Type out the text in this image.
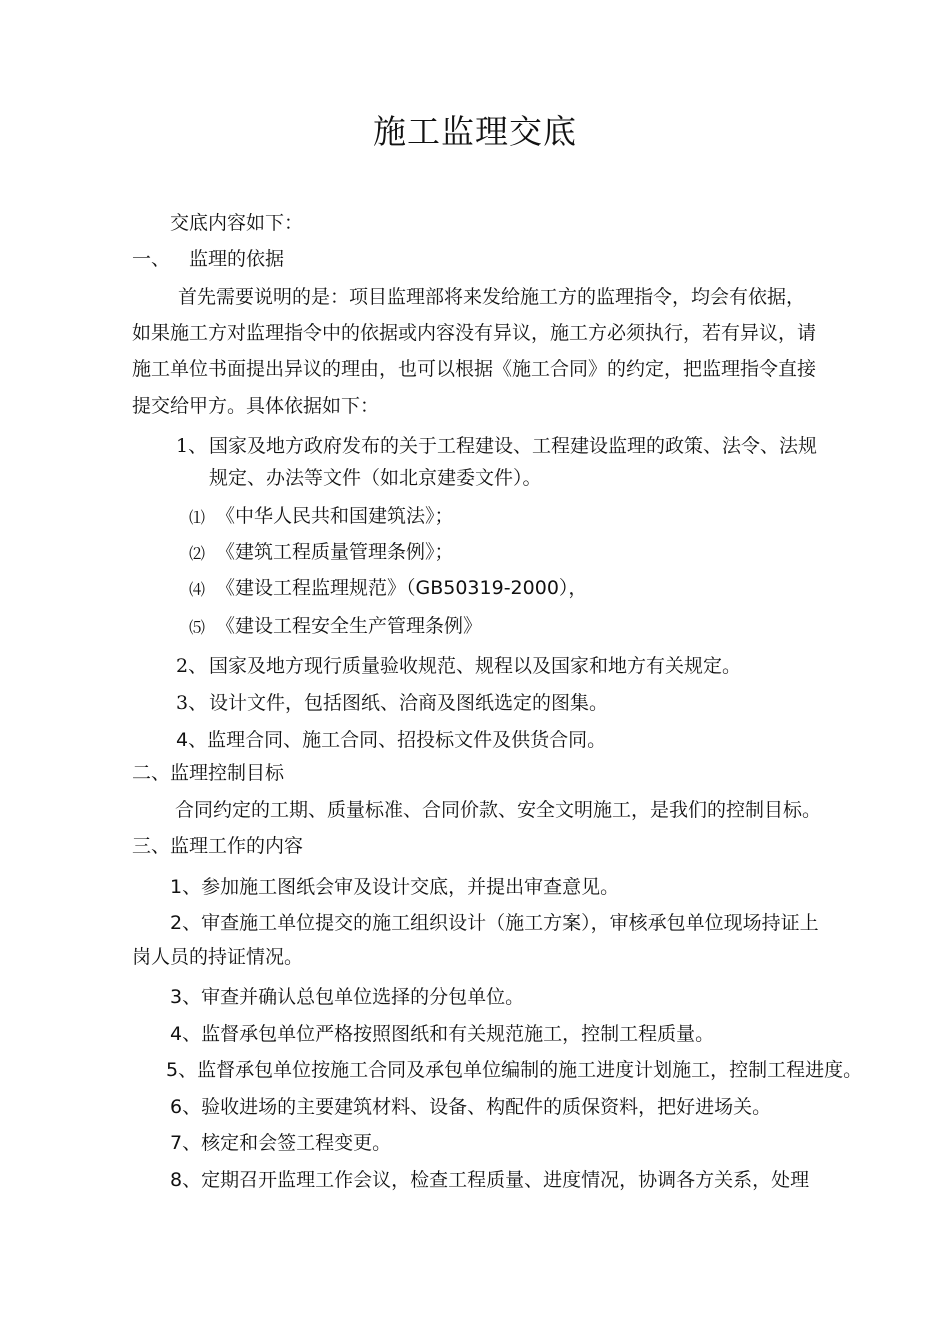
施工监理交底
交底内容如下：
一、 监理的依据
首先需要说明的是：项目监理部将来发给施工方的监理指令，均会有依据，
如果施工方对监理指令中的依据或内容没有异议，施工方必须执行，若有异议，请
施工单位书面提出异议的理由，也可以根据《施工合同》的约定，把监理指令直接
提交给甲方。具体依据如下：
1、 国家及地方政府发布的关于工程建设、工程建设监理的政策、法令、法规
规定、办法等文件（如北京建委文件）。
⑴ 《中华人民共和国建筑法》；
⑵ 《建筑工程质量管理条例》；
⑷ 《建设工程监理规范》（GB50319-2000），
⑸ 《建设工程安全生产管理条例》
2、 国家及地方现行质量验收规范、规程以及国家和地方有关规定。
3、 设计文件，包括图纸、洽商及图纸选定的图集。
4、监理合同、施工合同、招投标文件及供货合同。
二、监理控制目标
合同约定的工期、质量标准、合同价款、安全文明施工，是我们的控制目标。
三、监理工作的内容
1、参加施工图纸会审及设计交底，并提出审查意见。
2、审查施工单位提交的施工组织设计（施工方案），审核承包单位现场持证上
岗人员的持证情况。
3、审查并确认总包单位选择的分包单位。
4、监督承包单位严格按照图纸和有关规范施工，控制工程质量。
5、监督承包单位按施工合同及承包单位编制的施工进度计划施工，控制工程进度。
6、验收进场的主要建筑材料、设备、构配件的质保资料，把好进场关。
7、核定和会签工程变更。
8、定期召开监理工作会议，检查工程质量、进度情况，协调各方关系，处理
